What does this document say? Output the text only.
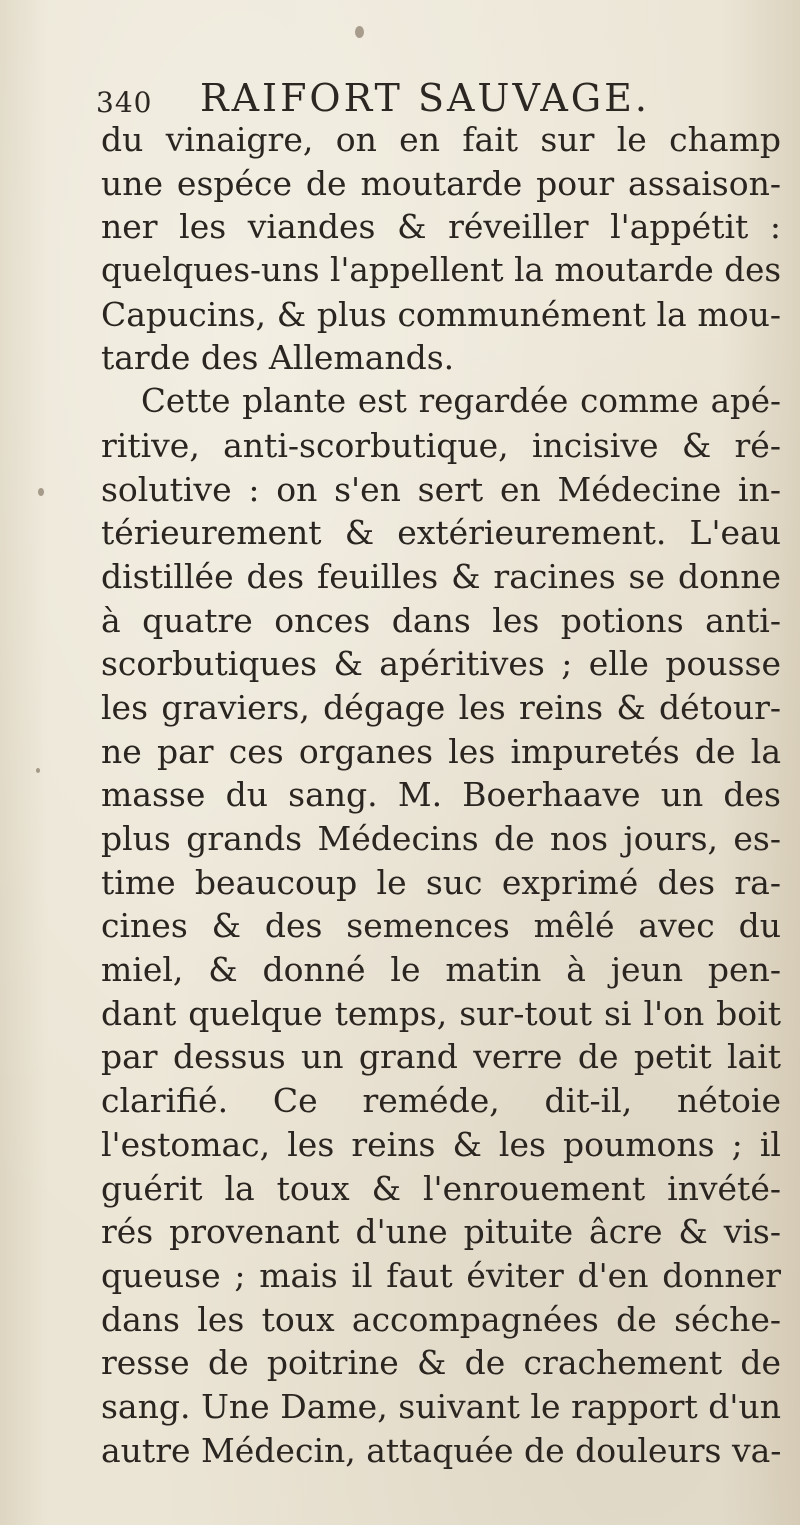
340 RAIFORT SAUVAGE.
du vinaigre, on en fait sur le champ
une espéce de moutarde pour assaison-
ner les viandes & réveiller l'appétit :
quelques-uns l'appellent la moutarde des
Capucins, & plus communément la mou-
tarde des Allemands.
Cette plante est regardée comme apé-
ritive, anti-scorbutique, incisive & ré-
solutive : on s'en sert en Médecine in-
térieurement & extérieurement. L'eau
distillée des feuilles & racines se donne
à quatre onces dans les potions anti-
scorbutiques & apéritives ; elle pousse
les graviers, dégage les reins & détour-
ne par ces organes les impuretés de la
masse du sang. M. Boerhaave un des
plus grands Médecins de nos jours, es-
time beaucoup le suc exprimé des ra-
cines & des semences mêlé avec du
miel, & donné le matin à jeun pen-
dant quelque temps, sur-tout si l'on boit
par dessus un grand verre de petit lait
clarifié. Ce reméde, dit-il, nétoie
l'estomac, les reins & les poumons ; il
guérit la toux & l'enrouement invété-
rés provenant d'une pituite âcre & vis-
queuse ; mais il faut éviter d'en donner
dans les toux accompagnées de séche-
resse de poitrine & de crachement de
sang. Une Dame, suivant le rapport d'un
autre Médecin, attaquée de douleurs va-
